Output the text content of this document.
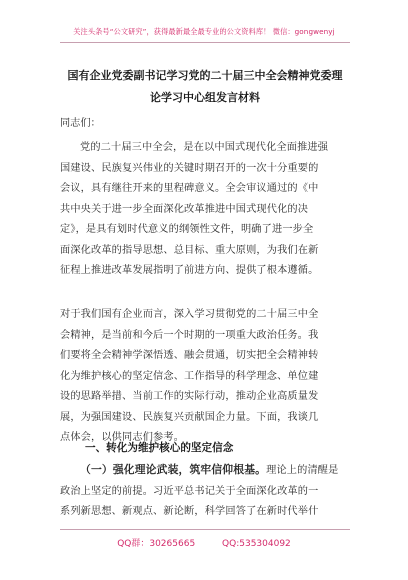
关注头条号“公文研究”，获得最新最全最专业的公文资料库！ 微信：gongwenyj
国有企业党委副书记学习党的二十届三中全会精神党委理
论学习中心组发言材料
同志们：
党的二十届三中全会，是在以中国式现代化全面推进强
国建设、民族复兴伟业的关键时期召开的一次十分重要的
会议，具有继往开来的里程碑意义。全会审议通过的《中
共中央关于进一步全面深化改革推进中国式现代化的决
定》，是具有划时代意义的纲领性文件，明确了进一步全
面深化改革的指导思想、总目标、重大原则，为我们在新
征程上推进改革发展指明了前进方向、提供了根本遵循。
对于我们国有企业而言，深入学习贯彻党的二十届三中全
会精神，是当前和今后一个时期的一项重大政治任务。我
们要将全会精神学深悟透、融会贯通，切实把全会精神转
化为维护核心的坚定信念、工作指导的科学理念、单位建
设的思路举措、当前工作的实际行动，推动企业高质量发
展，为强国建设、民族复兴贡献国企力量。下面，我谈几
点体会，以供同志们参考。
一、转化为维护核心的坚定信念
（一）强化理论武装，筑牢信仰根基。理论上的清醒是
政治上坚定的前提。习近平总书记关于全面深化改革的一
系列新思想、新观点、新论断，科学回答了在新时代举什
QQ群：30265665	QQ:535304092
